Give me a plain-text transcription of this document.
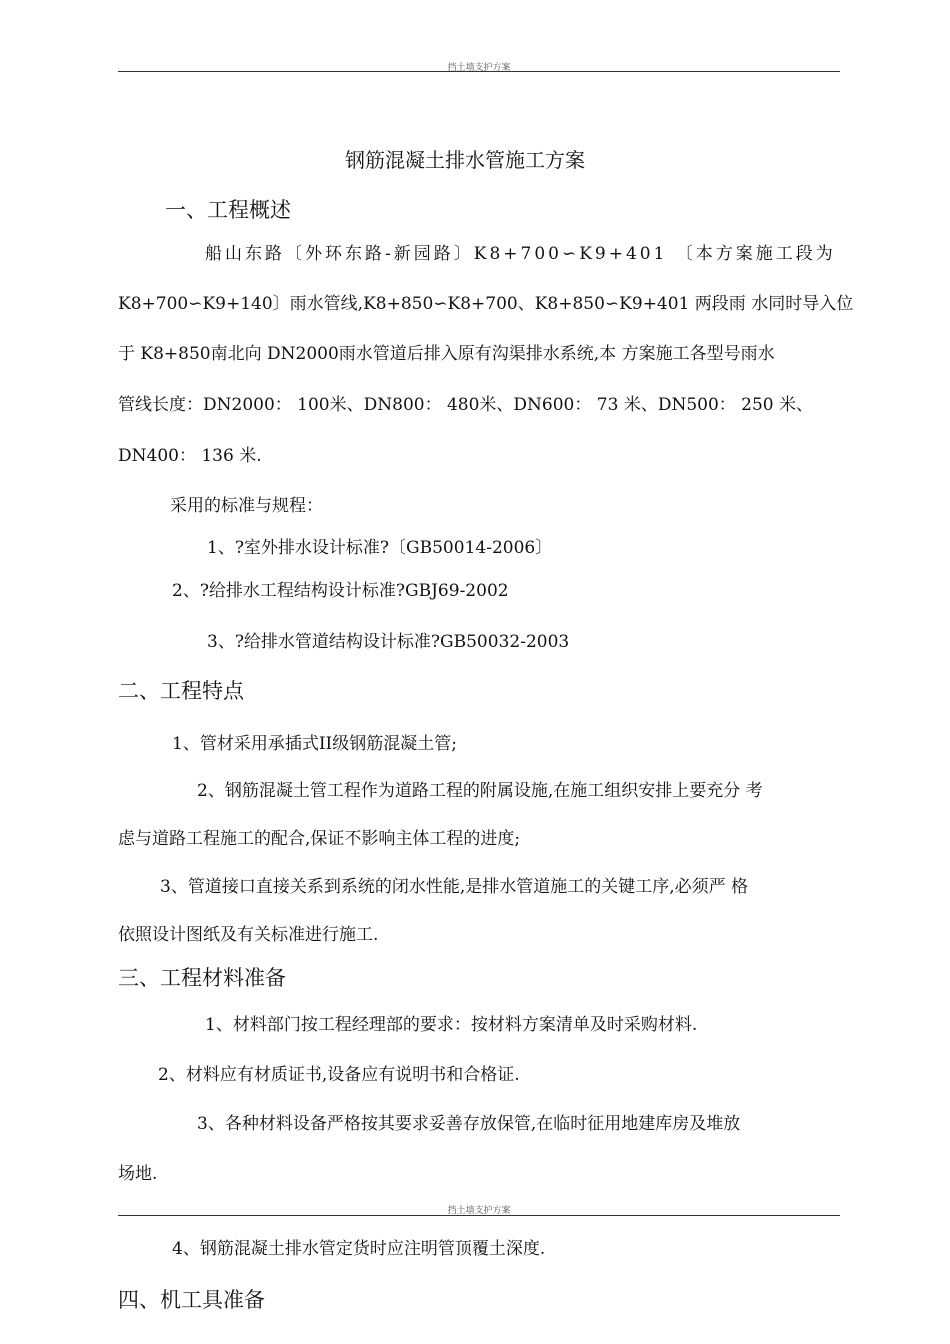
挡土墙支护方案
钢筋混凝土排水管施工方案
一、工程概述
船山东路〔外环东路-新园路〕K8+700∽K9+401 〔本方案施工段为
K8+700∽K9+140〕雨水管线,K8+850∽K8+700、K8+850∽K9+401 两段雨 水同时导入位
于 K8+850南北向 DN2000雨水管道后排入原有沟渠排水系统,本 方案施工各型号雨水
管线长度：DN2000： 100米、DN800： 480米、DN600： 73 米、DN500： 250 米、
DN400： 136 米.
采用的标准与规程：
1、?室外排水设计标准?〔GB50014-2006〕
2、?给排水工程结构设计标准?GBJ69-2002
3、?给排水管道结构设计标准?GB50032-2003
二、工程特点
1、管材采用承插式II级钢筋混凝土管;
2、钢筋混凝土管工程作为道路工程的附属设施,在施工组织安排上要充分 考
虑与道路工程施工的配合,保证不影响主体工程的进度;
3、管道接口直接关系到系统的闭水性能,是排水管道施工的关键工序,必须严 格
依照设计图纸及有关标准进行施工.
三、工程材料准备
1、材料部门按工程经理部的要求：按材料方案清单及时采购材料.
2、材料应有材质证书,设备应有说明书和合格证.
3、各种材料设备严格按其要求妥善存放保管,在临时征用地建库房及堆放
场地.
挡土墙支护方案
4、钢筋混凝土排水管定货时应注明管顶覆土深度.
四、机工具准备
